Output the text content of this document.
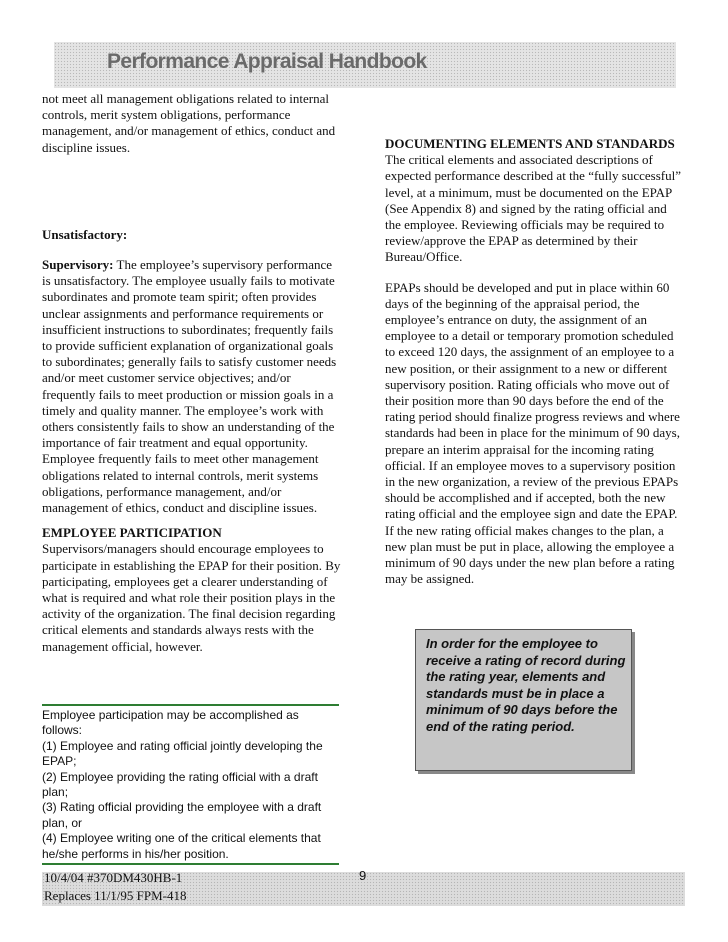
Performance Appraisal Handbook

not meet all management obligations related to internal controls, merit system obligations, performance management, and/or management of ethics, conduct and discipline issues.

Unsatisfactory:

Supervisory: The employee’s supervisory performance is unsatisfactory. The employee usually fails to motivate subordinates and promote team spirit; often provides unclear assignments and performance requirements or insufficient instructions to subordinates; frequently fails to provide sufficient explanation of organizational goals to subordinates; generally fails to satisfy customer needs and/or meet customer service objectives; and/or frequently fails to meet production or mission goals in a timely and quality manner. The employee’s work with others consistently fails to show an understanding of the importance of fair treatment and equal opportunity. Employee frequently fails to meet other management obligations related to internal controls, merit systems obligations, performance management, and/or management of ethics, conduct and discipline issues.

EMPLOYEE PARTICIPATION

Supervisors/managers should encourage employees to participate in establishing the EPAP for their position. By participating, employees get a clearer understanding of what is required and what role their position plays in the activity of the organization. The final decision regarding critical elements and standards always rests with the management official, however.

Employee participation may be accomplished as follows:
(1) Employee and rating official jointly developing the EPAP;
(2) Employee providing the rating official with a draft plan;
(3) Rating official providing the employee with a draft plan, or
(4) Employee writing one of the critical elements that he/she performs in his/her position.

DOCUMENTING ELEMENTS AND STANDARDS The critical elements and associated descriptions of expected performance described at the “fully successful” level, at a minimum, must be documented on the EPAP (See Appendix 8) and signed by the rating official and the employee. Reviewing officials may be required to review/approve the EPAP as determined by their Bureau/Office.

EPAPs should be developed and put in place within 60 days of the beginning of the appraisal period, the employee’s entrance on duty, the assignment of an employee to a detail or temporary promotion scheduled to exceed 120 days, the assignment of an employee to a new position, or their assignment to a new or different supervisory position. Rating officials who move out of their position more than 90 days before the end of the rating period should finalize progress reviews and where standards had been in place for the minimum of 90 days, prepare an interim appraisal for the incoming rating official. If an employee moves to a supervisory position in the new organization, a review of the previous EPAPs should be accomplished and if accepted, both the new rating official and the employee sign and date the EPAP. If the new rating official makes changes to the plan, a new plan must be put in place, allowing the employee a minimum of 90 days under the new plan before a rating may be assigned.

In order for the employee to receive a rating of record during the rating year, elements and standards must be in place a minimum of 90 days before the end of the rating period.

10/4/04 #370DM430HB-1
Replaces 11/1/95 FPM-418
9
